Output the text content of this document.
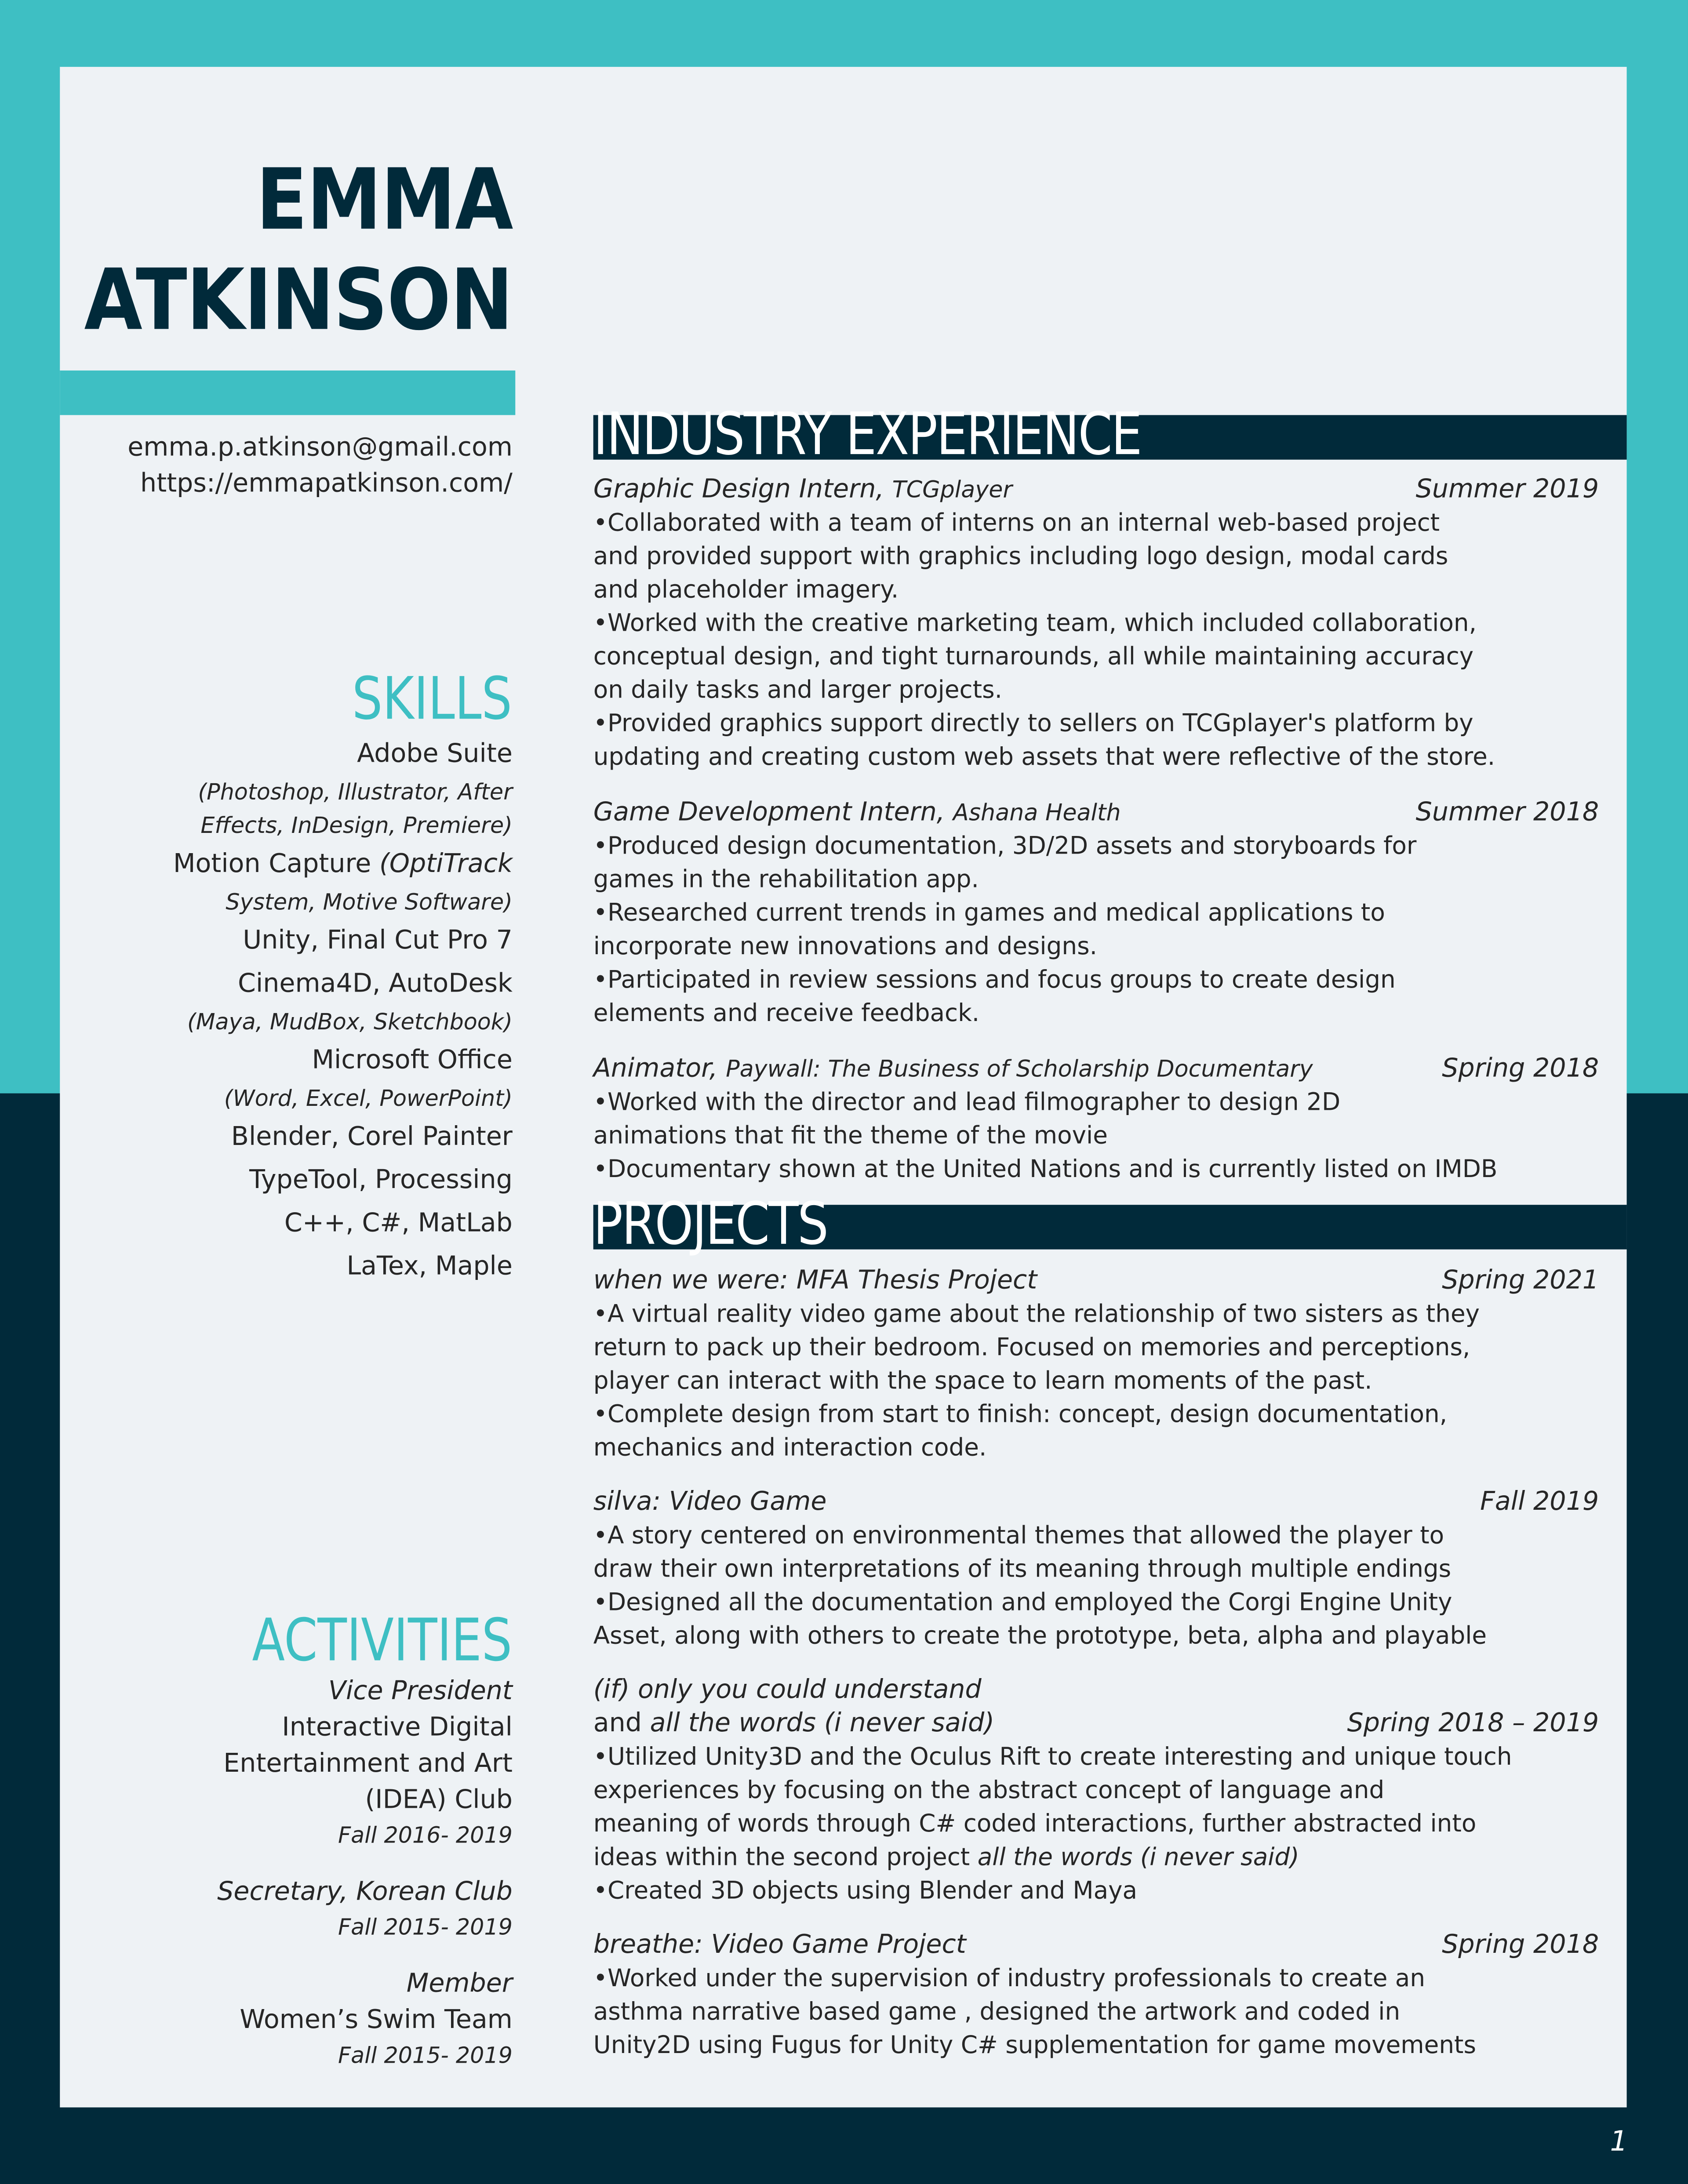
EMMA
ATKINSON
emma.p.atkinson@gmail.com
https://emmapatkinson.com/
SKILLS
Adobe Suite
(Photoshop, Illustrator, After
Effects, InDesign, Premiere)
Motion Capture (OptiTrack
System, Motive Software)
Unity, Final Cut Pro 7
Cinema4D, AutoDesk
(Maya, MudBox, Sketchbook)
Microsoft Office
(Word, Excel, PowerPoint)
Blender, Corel Painter
TypeTool, Processing
C++, C#, MatLab
LaTex, Maple
ACTIVITIES
Vice President
Interactive Digital
Entertainment and Art
(IDEA) Club
Fall 2016- 2019
Secretary, Korean Club
Fall 2015- 2019
Member
Women’s Swim Team
Fall 2015- 2019
INDUSTRY EXPERIENCE
Graphic Design Intern, TCGplayer	Summer 2019
•Collaborated with a team of interns on an internal web-based project
and provided support with graphics including logo design, modal cards
and placeholder imagery.
•Worked with the creative marketing team, which included collaboration,
conceptual design, and tight turnarounds, all while maintaining accuracy
on daily tasks and larger projects.
•Provided graphics support directly to sellers on TCGplayer's platform by
updating and creating custom web assets that were reflective of the store.
Game Development Intern, Ashana Health	Summer 2018
•Produced design documentation, 3D/2D assets and storyboards for
games in the rehabilitation app.
•Researched current trends in games and medical applications to
incorporate new innovations and designs.
•Participated in review sessions and focus groups to create design
elements and receive feedback.
Animator, Paywall: The Business of Scholarship Documentary	Spring 2018
•Worked with the director and lead filmographer to design 2D
animations that fit the theme of the movie
•Documentary shown at the United Nations and is currently listed on IMDB
PROJECTS
when we were: MFA Thesis Project	Spring 2021
•A virtual reality video game about the relationship of two sisters as they
return to pack up their bedroom. Focused on memories and perceptions,
player can interact with the space to learn moments of the past.
•Complete design from start to finish: concept, design documentation,
mechanics and interaction code.
silva: Video Game	Fall 2019
•A story centered on environmental themes that allowed the player to
draw their own interpretations of its meaning through multiple endings
•Designed all the documentation and employed the Corgi Engine Unity
Asset, along with others to create the prototype, beta, alpha and playable
(if) only you could understand
and all the words (i never said)	Spring 2018 – 2019
•Utilized Unity3D and the Oculus Rift to create interesting and unique touch
experiences by focusing on the abstract concept of language and
meaning of words through C# coded interactions, further abstracted into
ideas within the second project all the words (i never said)
•Created 3D objects using Blender and Maya
breathe: Video Game Project	Spring 2018
•Worked under the supervision of industry professionals to create an
asthma narrative based game , designed the artwork and coded in
Unity2D using Fugus for Unity C# supplementation for game movements
1
